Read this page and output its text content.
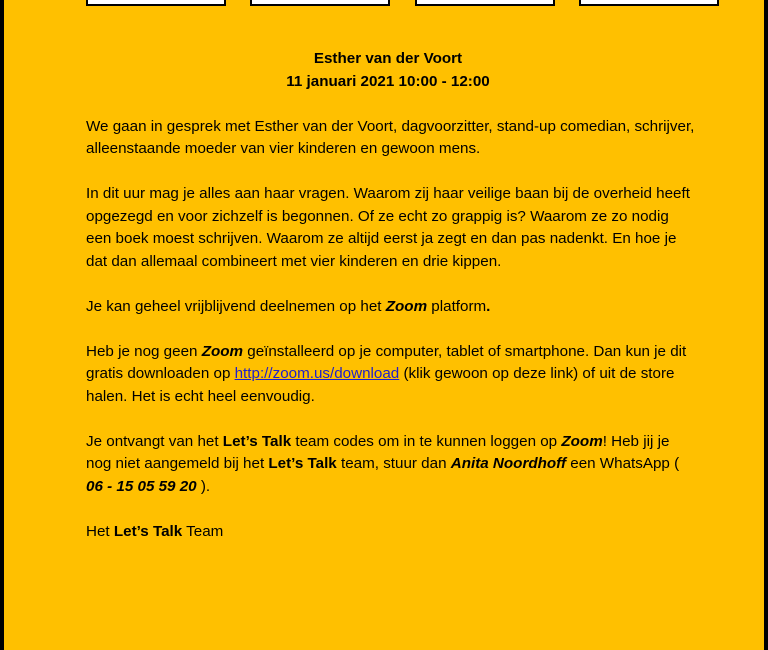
Esther van der Voort
11 januari 2021 10:00 - 12:00

We gaan in gesprek met Esther van der Voort, dagvoorzitter, stand-up comedian, schrijver, alleenstaande moeder van vier kinderen en gewoon mens.

In dit uur mag je alles aan haar vragen. Waarom zij haar veilige baan bij de overheid heeft opgezegd en voor zichzelf is begonnen. Of ze echt zo grappig is? Waarom ze zo nodig een boek moest schrijven. Waarom ze altijd eerst ja zegt en dan pas nadenkt. En hoe je dat dan allemaal combineert met vier kinderen en drie kippen.

Je kan geheel vrijblijvend deelnemen op het Zoom platform.

Heb je nog geen Zoom geïnstalleerd op je computer, tablet of smartphone. Dan kun je dit gratis downloaden op http://zoom.us/download (klik gewoon op deze link) of uit de store halen. Het is echt heel eenvoudig.

Je ontvangt van het Let’s Talk team codes om in te kunnen loggen op Zoom! Heb jij je nog niet aangemeld bij het Let’s Talk team, stuur dan Anita Noordhoff een WhatsApp ( 06 - 15 05 59 20 ).

Het Let’s Talk Team
